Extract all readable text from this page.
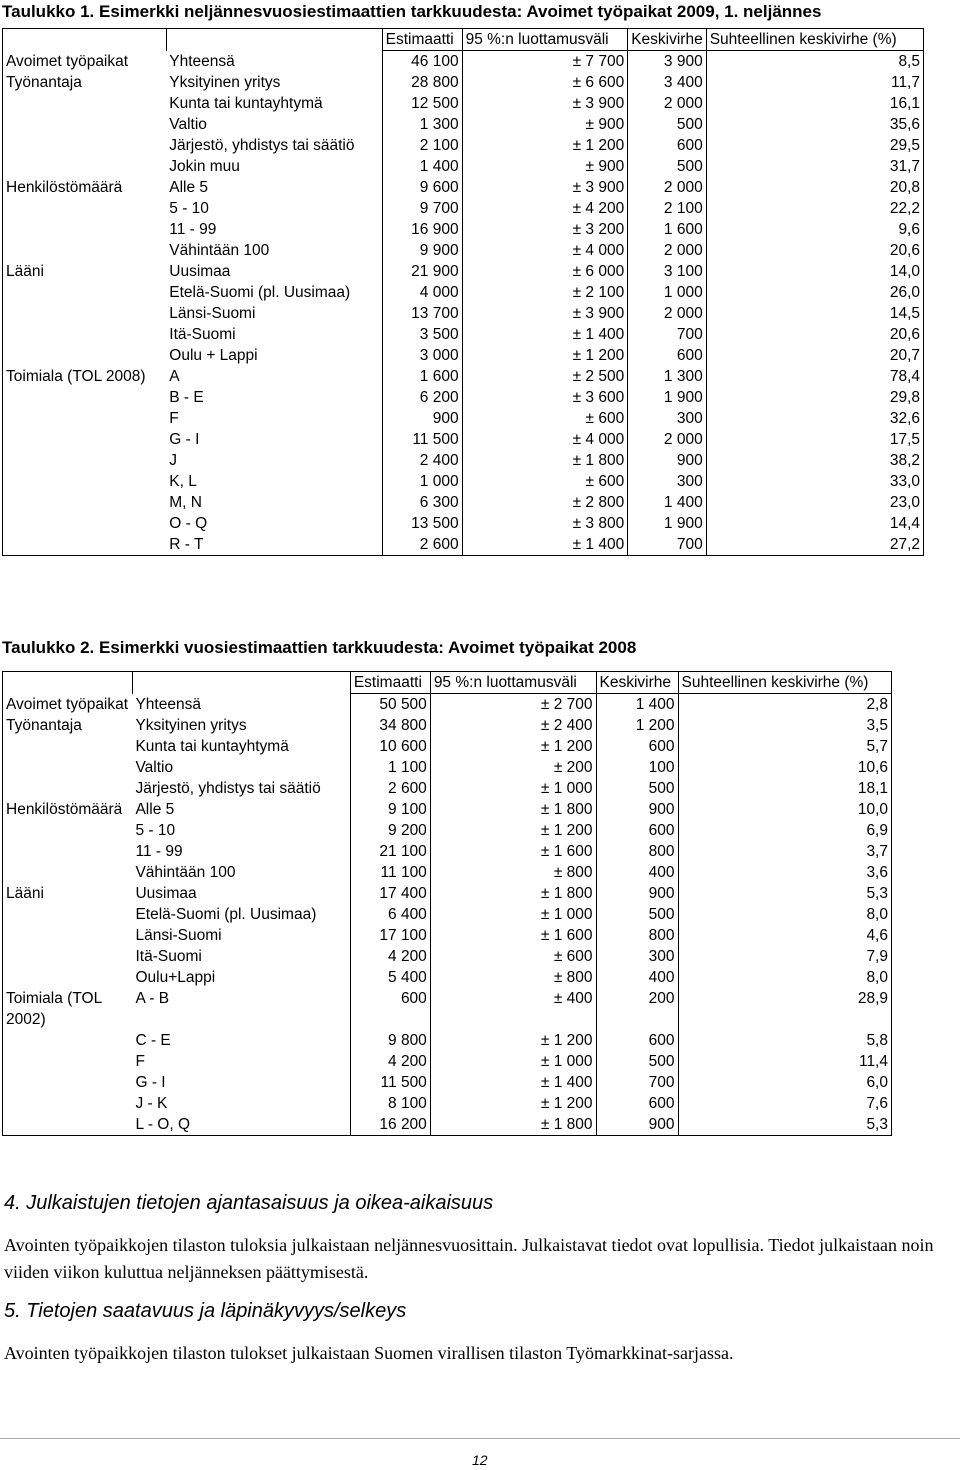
Taulukko 1. Esimerkki neljännesvuosiestimaattien tarkkuudesta: Avoimet työpaikat 2009, 1. neljännes
		Estimaatti	95 %:n luottamusväli	Keskivirhe	Suhteellinen keskivirhe (%)
Avoimet työpaikat	Yhteensä	46 100	± 7 700	3 900	8,5
Työnantaja	Yksityinen yritys	28 800	± 6 600	3 400	11,7
	Kunta tai kuntayhtymä	12 500	± 3 900	2 000	16,1
	Valtio	1 300	± 900	500	35,6
	Järjestö, yhdistys tai säätiö	2 100	± 1 200	600	29,5
	Jokin muu	1 400	± 900	500	31,7
Henkilöstömäärä	Alle 5	9 600	± 3 900	2 000	20,8
	5 - 10	9 700	± 4 200	2 100	22,2
	11 - 99	16 900	± 3 200	1 600	9,6
	Vähintään 100	9 900	± 4 000	2 000	20,6
Lääni	Uusimaa	21 900	± 6 000	3 100	14,0
	Etelä-Suomi (pl. Uusimaa)	4 000	± 2 100	1 000	26,0
	Länsi-Suomi	13 700	± 3 900	2 000	14,5
	Itä-Suomi	3 500	± 1 400	700	20,6
	Oulu + Lappi	3 000	± 1 200	600	20,7
Toimiala (TOL 2008)	A	1 600	± 2 500	1 300	78,4
	B - E	6 200	± 3 600	1 900	29,8
	F	900	± 600	300	32,6
	G - I	11 500	± 4 000	2 000	17,5
	J	2 400	± 1 800	900	38,2
	K, L	1 000	± 600	300	33,0
	M, N	6 300	± 2 800	1 400	23,0
	O - Q	13 500	± 3 800	1 900	14,4
	R - T	2 600	± 1 400	700	27,2
Taulukko 2. Esimerkki vuosiestimaattien tarkkuudesta: Avoimet työpaikat 2008
		Estimaatti	95 %:n luottamusväli	Keskivirhe	Suhteellinen keskivirhe (%)
Avoimet työpaikat	Yhteensä	50 500	± 2 700	1 400	2,8
Työnantaja	Yksityinen yritys	34 800	± 2 400	1 200	3,5
	Kunta tai kuntayhtymä	10 600	± 1 200	600	5,7
	Valtio	1 100	± 200	100	10,6
	Järjestö, yhdistys tai säätiö	2 600	± 1 000	500	18,1
Henkilöstömäärä	Alle 5	9 100	± 1 800	900	10,0
	5 - 10	9 200	± 1 200	600	6,9
	11 - 99	21 100	± 1 600	800	3,7
	Vähintään 100	11 100	± 800	400	3,6
Lääni	Uusimaa	17 400	± 1 800	900	5,3
	Etelä-Suomi (pl. Uusimaa)	6 400	± 1 000	500	8,0
	Länsi-Suomi	17 100	± 1 600	800	4,6
	Itä-Suomi	4 200	± 600	300	7,9
	Oulu+Lappi	5 400	± 800	400	8,0
Toimiala (TOL 2002)	A - B	600	± 400	200	28,9
	C - E	9 800	± 1 200	600	5,8
	F	4 200	± 1 000	500	11,4
	G - I	11 500	± 1 400	700	6,0
	J - K	8 100	± 1 200	600	7,6
	L - O, Q	16 200	± 1 800	900	5,3
4. Julkaistujen tietojen ajantasaisuus ja oikea-aikaisuus
Avointen työpaikkojen tilaston tuloksia julkaistaan neljännesvuosittain. Julkaistavat tiedot ovat lopullisia. Tiedot julkaistaan noin viiden viikon kuluttua neljänneksen päättymisestä.
5. Tietojen saatavuus ja läpinäkyvyys/selkeys
Avointen työpaikkojen tilaston tulokset julkaistaan Suomen virallisen tilaston Työmarkkinat-sarjassa.
12
